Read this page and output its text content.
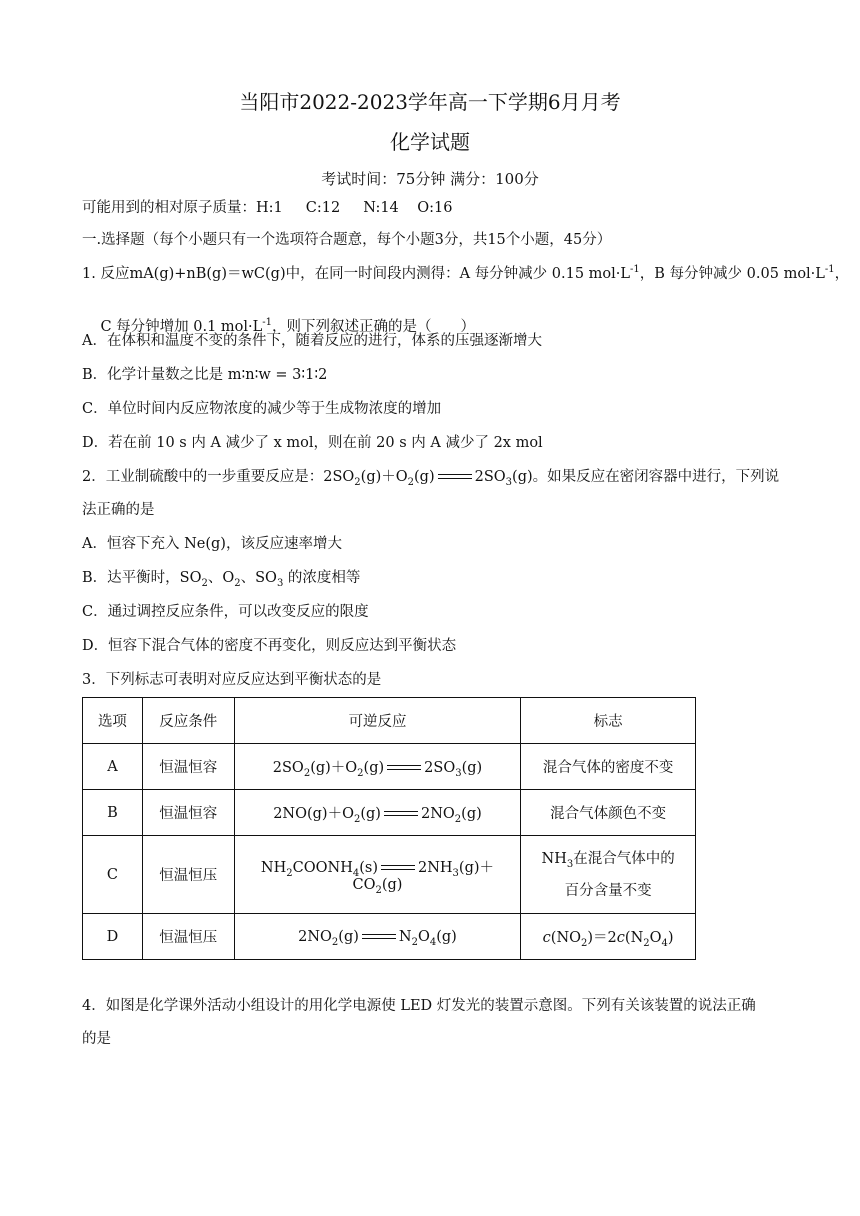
当阳市2022-2023学年高一下学期6月月考
化学试题
考试时间：75分钟 满分：100分
可能用到的相对原子质量：H:1     C:12     N:14    O:16
一.选择题（每个小题只有一个选项符合题意，每个小题3分，共15个小题，45分）
1. 反应mA(g)+nB(g)＝wC(g)中，在同一时间段内测得：A 每分钟减少 0.15 $mol\cdot L^{-1}$，B 每分钟减少 0.05 $mol\cdot L^{-1}$，

C 每分钟增加 0.1 $mol\cdot L^{-1}$，则下列叙述正确的是（　　）

A．在体积和温度不变的条件下，随着反应的进行，体系的压强逐渐增大
B．化学计量数之比是 m∶n∶w = 3∶1∶2
C．单位时间内反应物浓度的减少等于生成物浓度的增加
D．若在前 10 s 内 A 减少了 x mol，则在前 20 s 内 A 减少了 2x mol
2．工业制硫酸中的一步重要反应是：$2SO_2(g)+O_2(g)$	$2SO_3(g)$。如果反应在密闭容器中进行，下列说
法正确的是
A．恒容下充入 Ne(g)，该反应速率增大
B．达平衡时，$SO_2$、$O_2$、$SO_3$ 的浓度相等
C．通过调控反应条件，可以改变反应的限度
D．恒容下混合气体的密度不再变化，则反应达到平衡状态
3．下列标志可表明对应反应达到平衡状态的是
选项	反应条件	可逆反应	标志
A	恒温恒容	$2SO_2(g)+O_2(g)$ $2SO_3(g)$	混合气体的密度不变
B	恒温恒容	$2NO(g)+O_2(g)$ $2NO_2(g)$	混合气体颜色不变
C	恒温恒压	$NH_2COONH_4(s)$ $2NH_3(g)+CO_2(g)$	$NH_3$在混合气体中的
百分含量不变

D	恒温恒压	$2NO_2(g)$ $N_2O_4(g)$	$c(NO_2)=2c(N_2O_4)$
4．如图是化学课外活动小组设计的用化学电源使 LED 灯发光的装置示意图。下列有关该装置的说法正确
的是
